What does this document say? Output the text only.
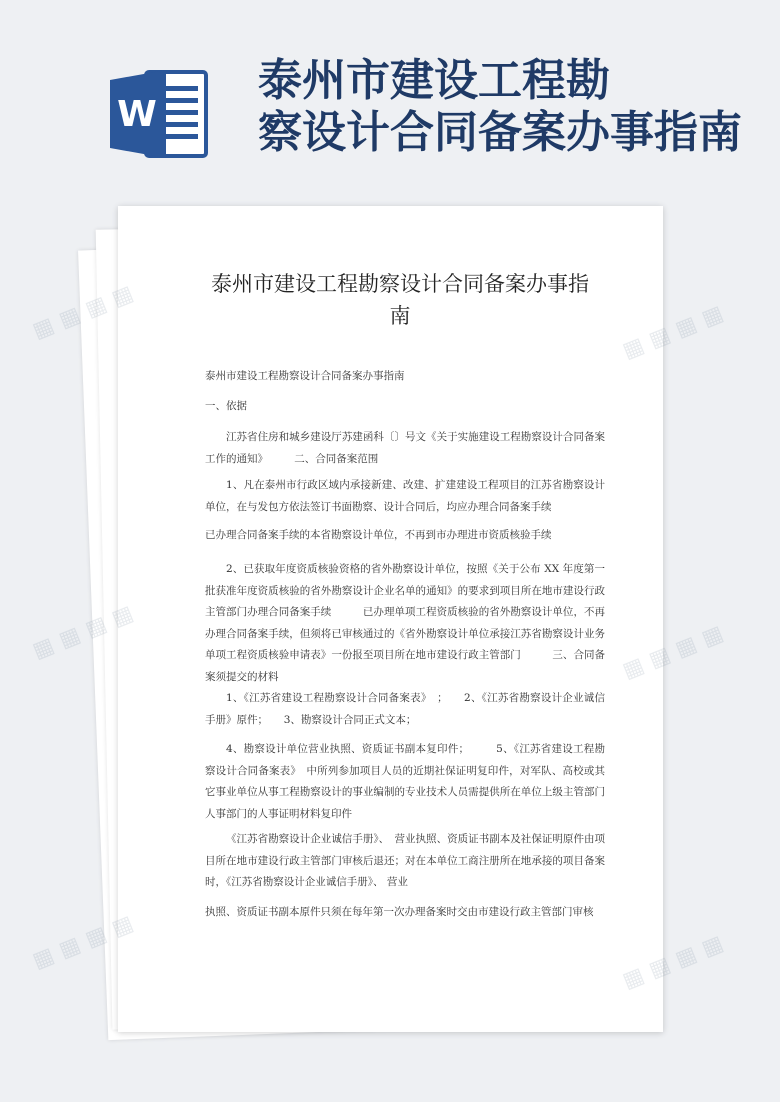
W
泰州市建设工程勘
察设计合同备案办事指南
泰州市建设工程勘察设计合同备案办事指
南

泰州市建设工程勘察设计合同备案办事指南

一、依据

江苏省住房和城乡建设厅苏建函科〔〕号文《关于实施建设工程勘察设计合同备案工作的通知》　　　二、合同备案范围

1、凡在泰州市行政区域内承接新建、改建、扩建建设工程项目的江苏省勘察设计单位，在与发包方依法签订书面勘察、设计合同后，均应办理合同备案手续

已办理合同备案手续的本省勘察设计单位，不再到市办理进市资质核验手续

2、已获取年度资质核验资格的省外勘察设计单位，按照《关于公布 XX 年度第一批获准年度资质核验的省外勘察设计企业名单的通知》的要求到项目所在地市建设行政主管部门办理合同备案手续　　　已办理单项工程资质核验的省外勘察设计单位，不再办理合同备案手续，但须将已审核通过的《省外勘察设计单位承接江苏省勘察设计业务单项工程资质核验申请表》一份报至项目所在地市建设行政主管部门　　　三、合同备案须提交的材料

1、《江苏省建设工程勘察设计合同备案表》　；　　2、《江苏省勘察设计企业诚信手册》原件；　　3、勘察设计合同正式文本；

4、勘察设计单位营业执照、资质证书副本复印件；　　　5、《江苏省建设工程勘察设计合同备案表》　中所列参加项目人员的近期社保证明复印件，对军队、高校或其它事业单位从事工程勘察设计的事业编制的专业技术人员需提供所在单位上级主管部门人事部门的人事证明材料复印件

《江苏省勘察设计企业诚信手册》、　营业执照、资质证书副本及社保证明原件由项目所在地市建设行政主管部门审核后退还；对在本单位工商注册所在地承接的项目备案时，《江苏省勘察设计企业诚信手册》、 营业

执照、资质证书副本原件只须在每年第一次办理备案时交由市建设行政主管部门审核

▦ ▦	▦ ▦ ▦ ▦
▦ ▦ ▦ ▦	▦ ▦ ▦ ▦
▦ ▦ ▦ ▦	▦ ▦ ▦ ▦
